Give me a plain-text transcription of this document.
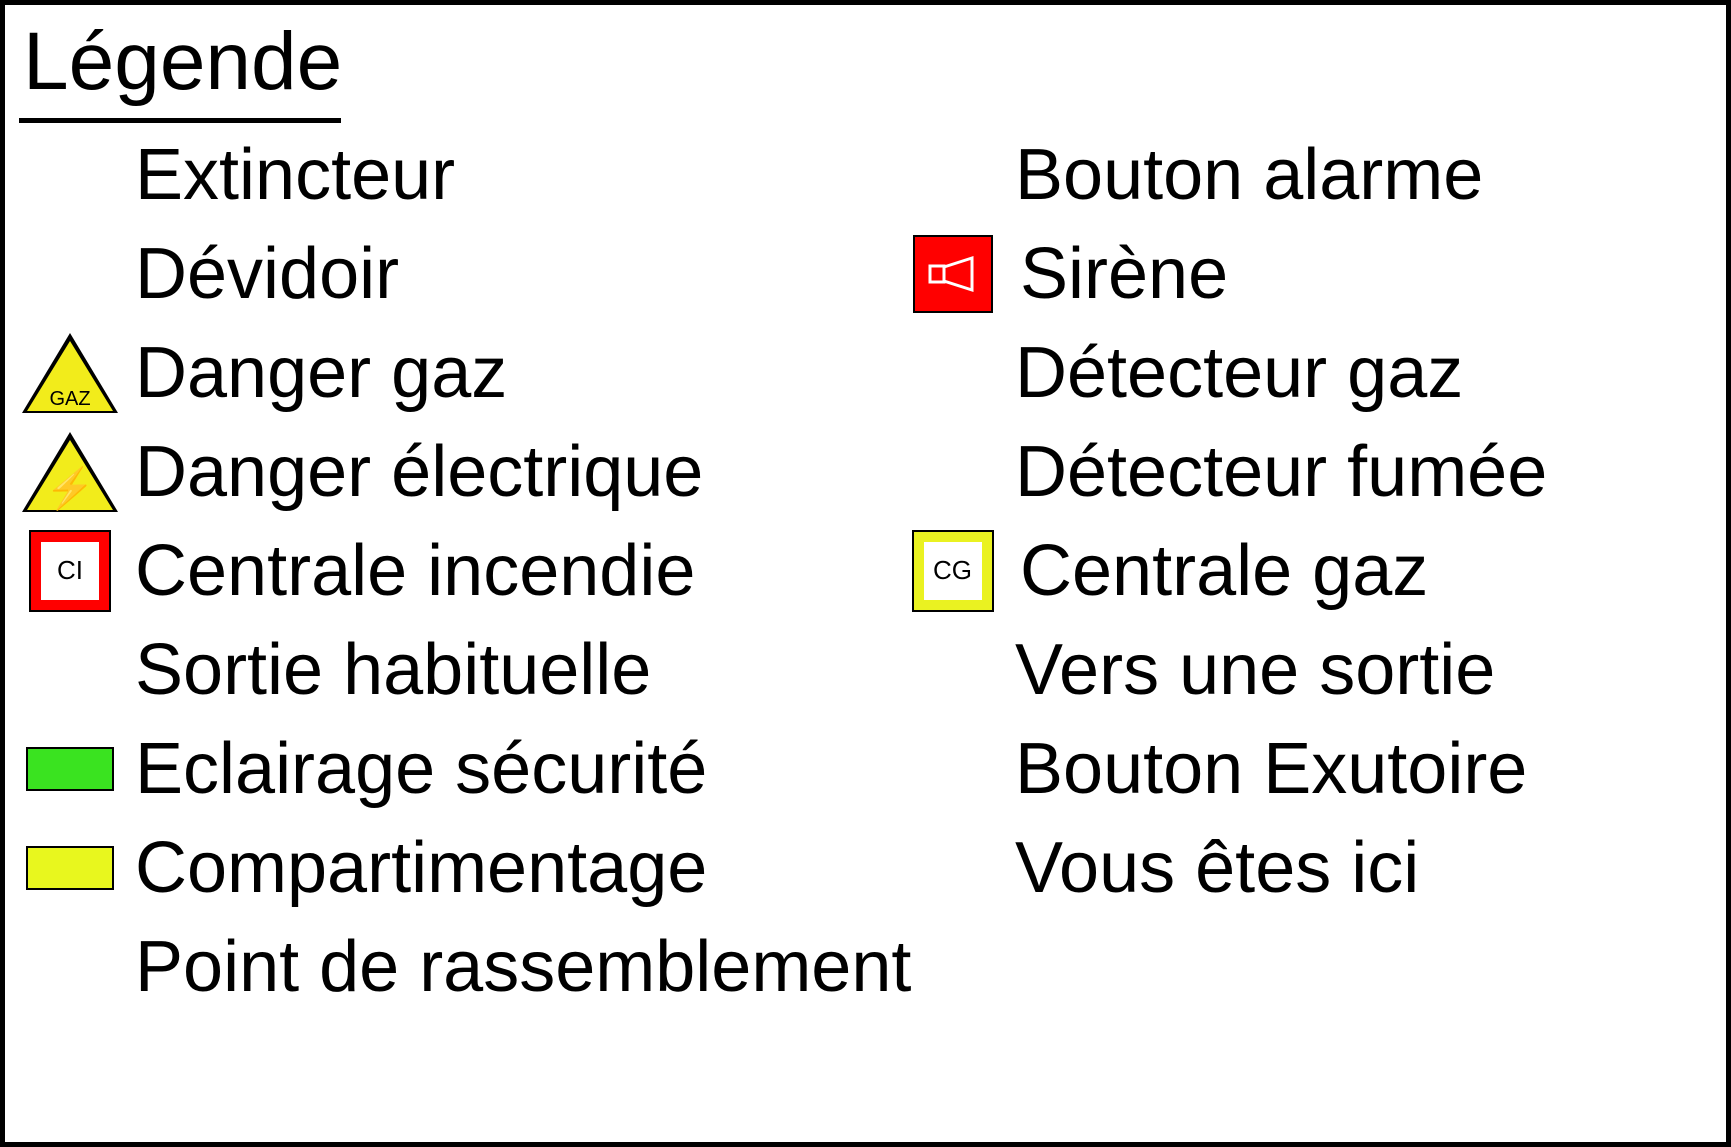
Légende
Extincteur	Bouton alarme
Dévidoir	Sirène
GAZ Danger gaz	Détecteur gaz
⚡ Danger électrique	Détecteur fumée
CI Centrale incendie	CG Centrale gaz
Sortie habituelle	Vers une sortie
Eclairage sécurité	Bouton Exutoire
Compartimentage	Vous êtes ici
Point de rassemblement
